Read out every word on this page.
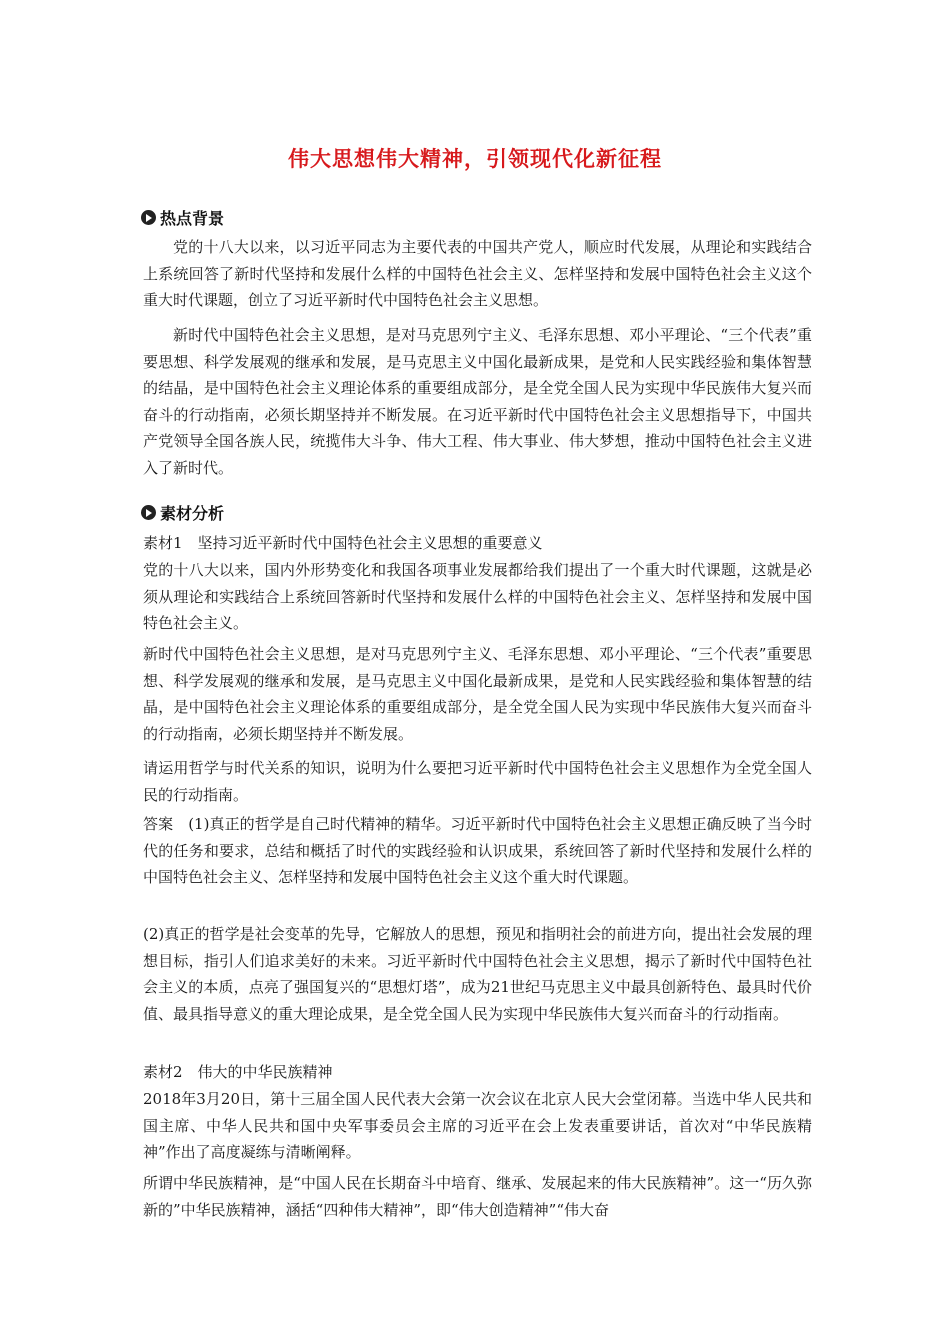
伟大思想伟大精神，引领现代化新征程
热点背景

党的十八大以来，以习近平同志为主要代表的中国共产党人，顺应时代发展，从理论和实践结合上系统回答了新时代坚持和发展什么样的中国特色社会主义、怎样坚持和发展中国特色社会主义这个重大时代课题，创立了习近平新时代中国特色社会主义思想。

新时代中国特色社会主义思想，是对马克思列宁主义、毛泽东思想、邓小平理论、“三个代表”重要思想、科学发展观的继承和发展，是马克思主义中国化最新成果，是党和人民实践经验和集体智慧的结晶，是中国特色社会主义理论体系的重要组成部分，是全党全国人民为实现中华民族伟大复兴而奋斗的行动指南，必须长期坚持并不断发展。在习近平新时代中国特色社会主义思想指导下，中国共产党领导全国各族人民，统揽伟大斗争、伟大工程、伟大事业、伟大梦想，推动中国特色社会主义进入了新时代。

素材分析

素材1　坚持习近平新时代中国特色社会主义思想的重要意义

党的十八大以来，国内外形势变化和我国各项事业发展都给我们提出了一个重大时代课题，这就是必须从理论和实践结合上系统回答新时代坚持和发展什么样的中国特色社会主义、怎样坚持和发展中国特色社会主义。

新时代中国特色社会主义思想，是对马克思列宁主义、毛泽东思想、邓小平理论、“三个代表”重要思想、科学发展观的继承和发展，是马克思主义中国化最新成果，是党和人民实践经验和集体智慧的结晶，是中国特色社会主义理论体系的重要组成部分，是全党全国人民为实现中华民族伟大复兴而奋斗的行动指南，必须长期坚持并不断发展。

请运用哲学与时代关系的知识，说明为什么要把习近平新时代中国特色社会主义思想作为全党全国人民的行动指南。

答案　(1)真正的哲学是自己时代精神的精华。习近平新时代中国特色社会主义思想正确反映了当今时代的任务和要求，总结和概括了时代的实践经验和认识成果，系统回答了新时代坚持和发展什么样的中国特色社会主义、怎样坚持和发展中国特色社会主义这个重大时代课题。

(2)真正的哲学是社会变革的先导，它解放人的思想，预见和指明社会的前进方向，提出社会发展的理想目标，指引人们追求美好的未来。习近平新时代中国特色社会主义思想，揭示了新时代中国特色社会主义的本质，点亮了强国复兴的“思想灯塔”，成为21世纪马克思主义中最具创新特色、最具时代价值、最具指导意义的重大理论成果，是全党全国人民为实现中华民族伟大复兴而奋斗的行动指南。

素材2　伟大的中华民族精神

2018年3月20日，第十三届全国人民代表大会第一次会议在北京人民大会堂闭幕。当选中华人民共和国主席、中华人民共和国中央军事委员会主席的习近平在会上发表重要讲话，首次对“中华民族精神”作出了高度凝练与清晰阐释。

所谓中华民族精神，是“中国人民在长期奋斗中培育、继承、发展起来的伟大民族精神”。这一“历久弥新的”中华民族精神，涵括“四种伟大精神”，即“伟大创造精神”“伟大奋
